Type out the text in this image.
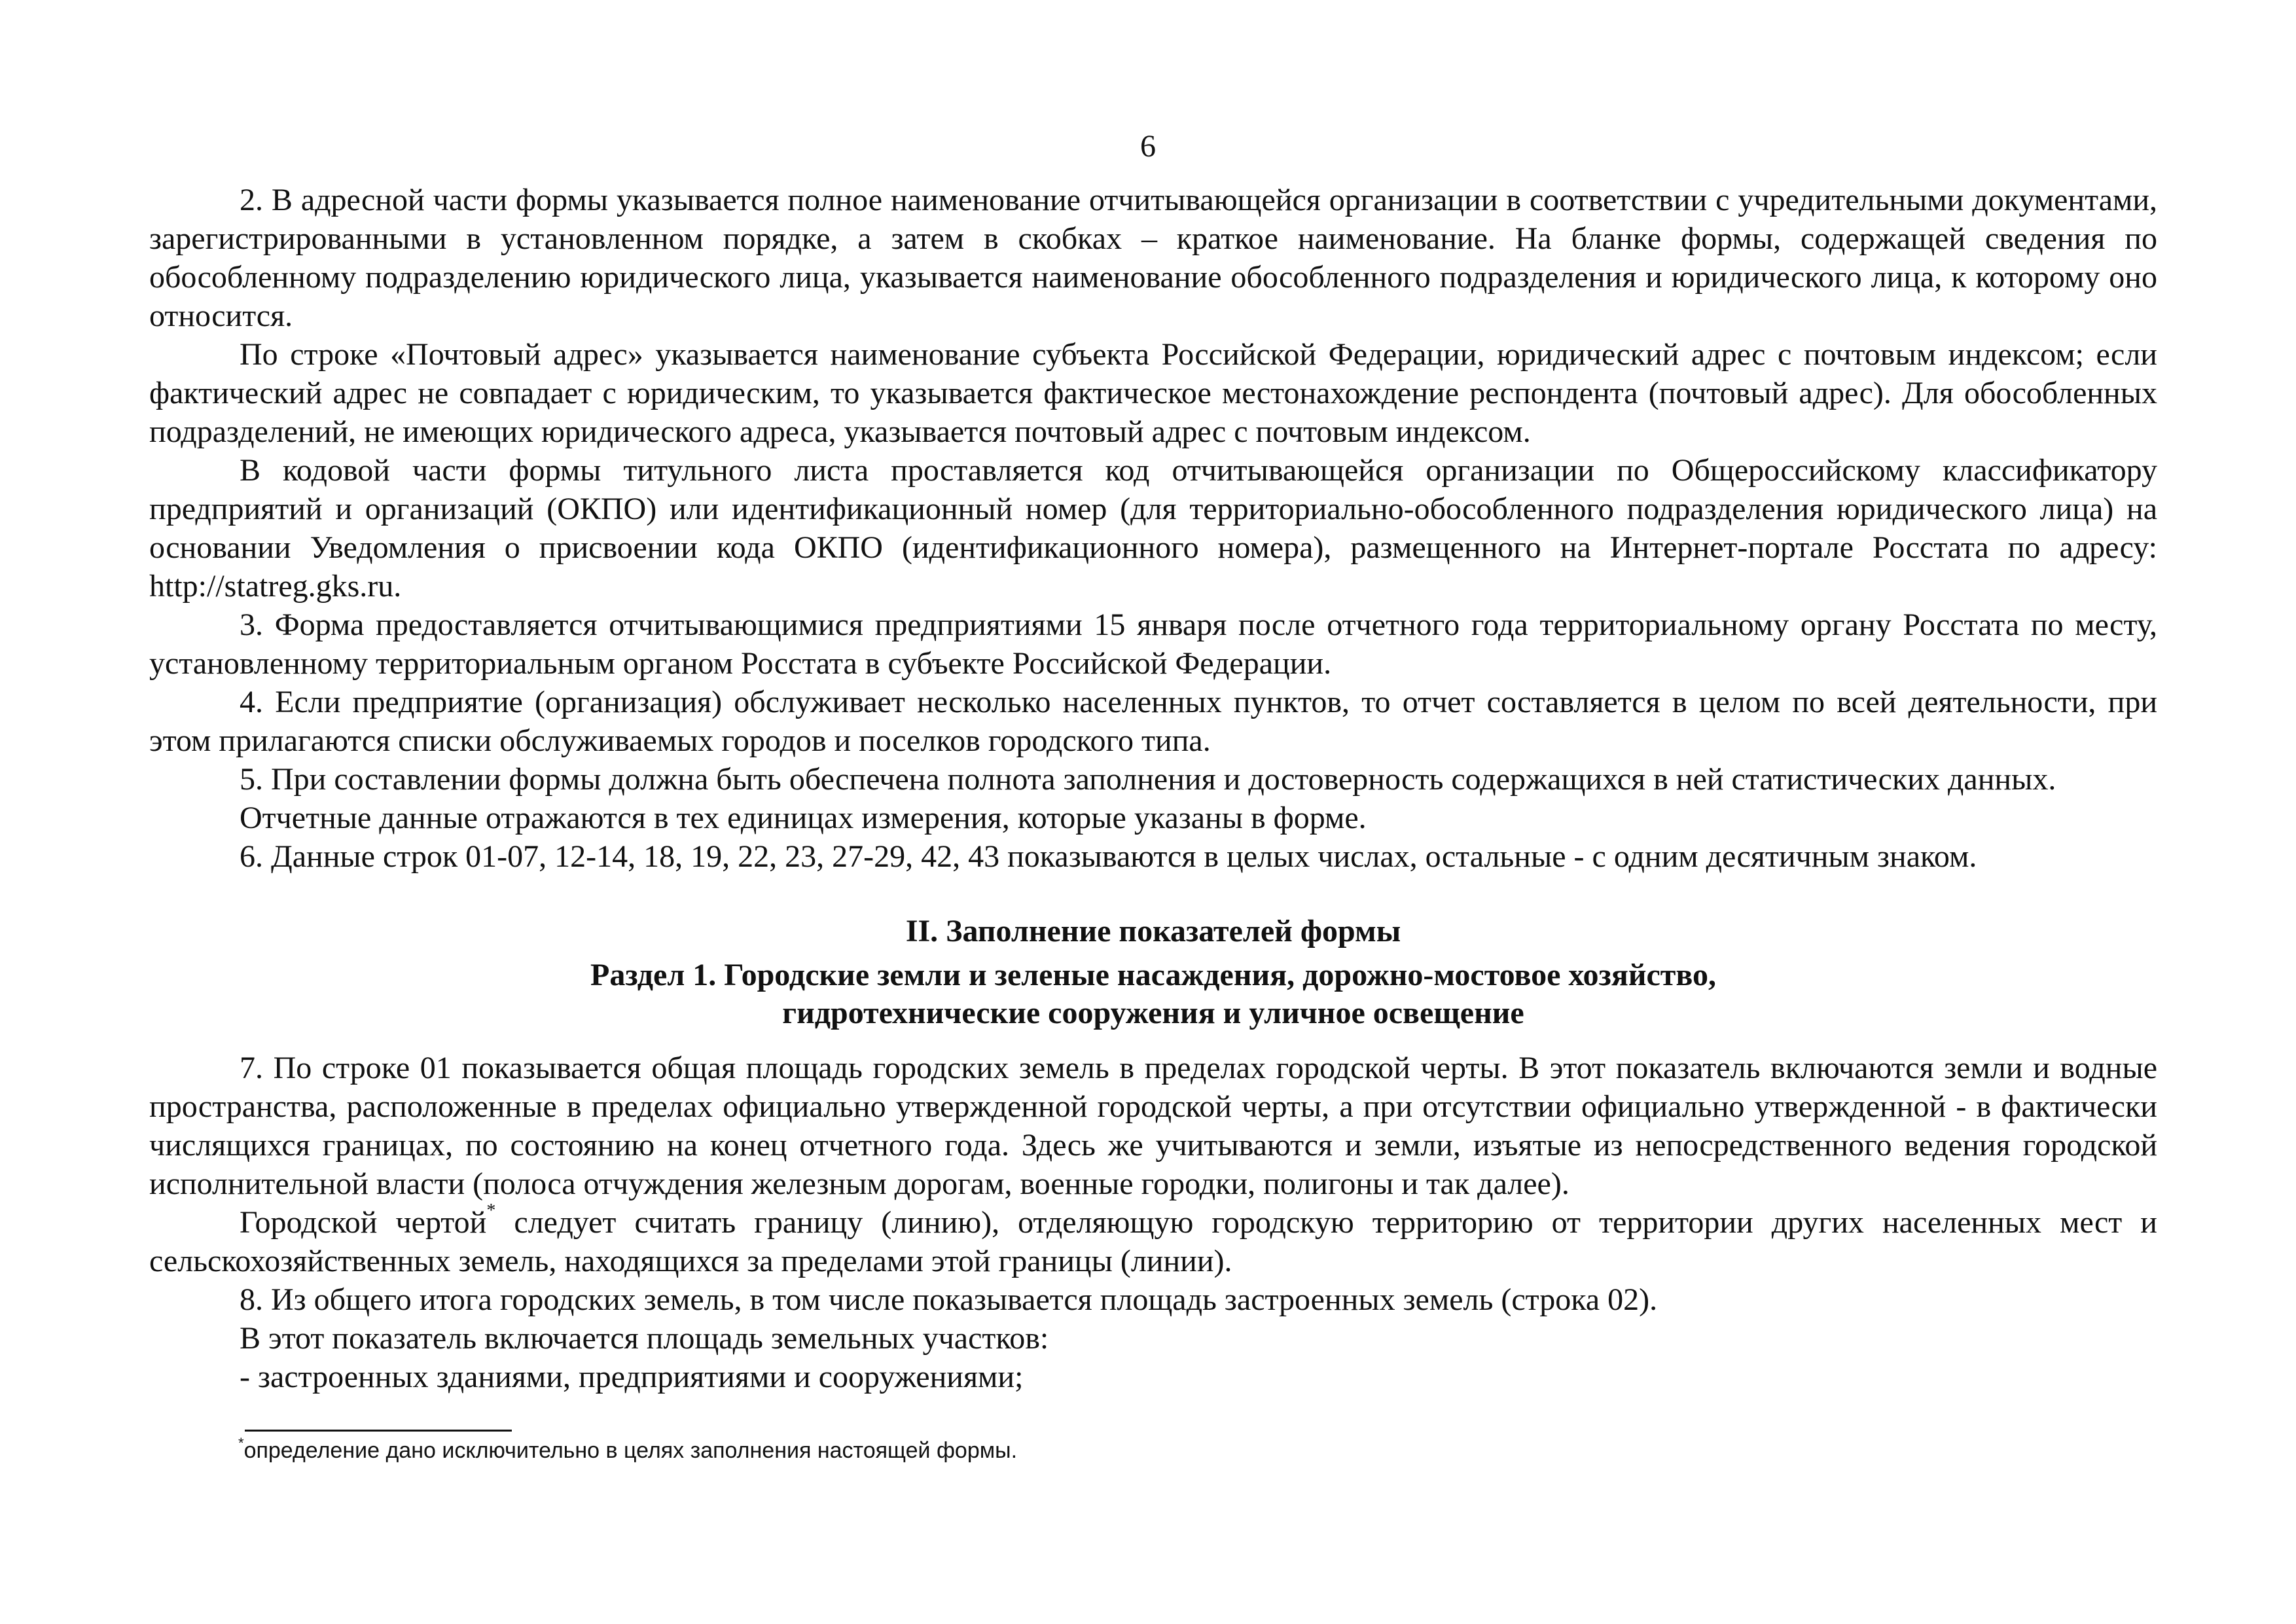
6

2. В адресной части формы указывается полное наименование отчитывающейся организации в соответствии с учредительными документами, зарегистрированными в установленном порядке, а затем в скобках – краткое наименование. На бланке формы, содержащей сведения по обособленному подразделению юридического лица, указывается наименование обособленного подразделения и юридического лица, к которому оно относится.

По строке «Почтовый адрес» указывается наименование субъекта Российской Федерации, юридический адрес с почтовым индексом; если фактический адрес не совпадает с юридическим, то указывается фактическое местонахождение респондента (почтовый адрес). Для обособленных подразделений, не имеющих юридического адреса, указывается почтовый адрес с почтовым индексом.

В кодовой части формы титульного листа проставляется код отчитывающейся организации по Общероссийскому классификатору предприятий и организаций (ОКПО) или идентификационный номер (для территориально-обособленного подразделения юридического лица) на основании Уведомления о присвоении кода ОКПО (идентификационного номера), размещенного на Интернет-портале Росстата по адресу: http://statreg.gks.ru.

3. Форма предоставляется отчитывающимися предприятиями 15 января после отчетного года территориальному органу Росстата по месту, установленному территориальным органом Росстата в субъекте Российской Федерации.

4. Если предприятие (организация) обслуживает несколько населенных пунктов, то отчет составляется в целом по всей деятельности, при этом прилагаются списки обслуживаемых городов и поселков городского типа.

5. При составлении формы должна быть обеспечена полнота заполнения и достоверность содержащихся в ней статистических данных.

Отчетные данные отражаются в тех единицах измерения, которые указаны в форме.

6. Данные строк 01-07, 12-14, 18, 19, 22, 23, 27-29, 42, 43 показываются в целых числах, остальные - с одним десятичным знаком.

II. Заполнение показателей формы
Раздел 1. Городские земли и зеленые насаждения, дорожно-мостовое хозяйство,
гидротехнические сооружения и уличное освещение

7. По строке 01 показывается общая площадь городских земель в пределах городской черты. В этот показатель включаются земли и водные пространства, расположенные в пределах официально утвержденной городской черты, а при отсутствии официально утвержденной - в фактически числящихся границах, по состоянию на конец отчетного года. Здесь же учитываются и земли, изъятые из непосредственного ведения городской исполнительной власти (полоса отчуждения железным дорогам, военные городки, полигоны и так далее).

Городской чертой* следует считать границу (линию), отделяющую городскую территорию от территории других населенных мест и сельскохозяйственных земель, находящихся за пределами этой границы (линии).

8. Из общего итога городских земель, в том числе показывается площадь застроенных земель (строка 02).

В этот показатель включается площадь земельных участков:

- застроенных зданиями, предприятиями и сооружениями;

*определение дано исключительно в целях заполнения настоящей формы.
